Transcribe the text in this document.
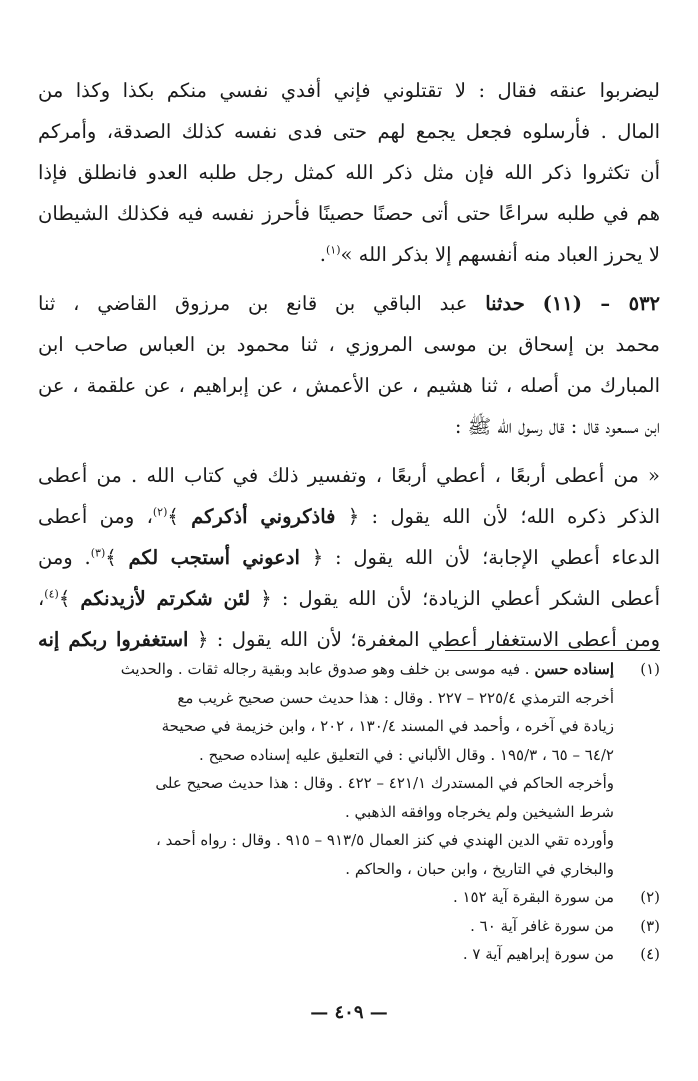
ليضربوا عنقه فقال : لا تقتلوني فإني أفدي نفسي منكم بكذا وكذا من
المال . فأرسلوه فجعل يجمع لهم حتى فدى نفسه كذلك الصدقة، وأمركم
أن تكثروا ذكر الله فإن مثل ذكر الله كمثل رجل طلبه العدو فانطلق فإذا
هم في طلبه سراعًا حتى أتى حصنًا حصينًا فأحرز نفسه فيه فكذلك الشيطان
لا يحرز العباد منه أنفسهم إلا بذكر الله »$^{(١)}$.

٥٣٢ – (١١) حدثنا عبد الباقي بن قانع بن مرزوق القاضي ، ثنا
محمد بن إسحاق بن موسى المروزي ، ثنا محمود بن العباس صاحب ابن
المبارك من أصله ، ثنا هشيم ، عن الأعمش ، عن إبراهيم ، عن علقمة ، عن
ابن مسعود قال : قال رسول الله ﷺ :

« من أعطى أربعًا ، أعطي أربعًا ، وتفسير ذلك في كتاب الله . من أعطى
الذكر ذكره الله؛ لأن الله يقول : ﴿ فاذكروني أذكركم ﴾$^{(٢)}$، ومن أعطى
الدعاء أعطي الإجابة؛ لأن الله يقول : ﴿ ادعوني أستجب لكم ﴾$^{(٣)}$. ومن
أعطى الشكر أعطي الزيادة؛ لأن الله يقول : ﴿ لئن شكرتم لأزيدنكم ﴾$^{(٤)}$،
ومن أعطى الاستغفار أعطي المغفرة؛ لأن الله يقول : ﴿ استغفروا ربكم إنه

(١)
إسناده حسن . فيه موسى بن خلف وهو صدوق عابد وبقية رجاله ثقات . والحديث
أخرجه الترمذي ٢٢٥/٤ – ٢٢٧ . وقال : هذا حديث حسن صحيح غريب مع
زيادة في آخره ، وأحمد في المسند ١٣٠/٤ ، ٢٠٢ ، وابن خزيمة في صحيحة
٦٤/٢ – ٦٥ ، ١٩٥/٣ . وقال الألباني : في التعليق عليه إسناده صحيح .
وأخرجه الحاكم في المستدرك ٤٢١/١ – ٤٢٢ . وقال : هذا حديث صحيح على
شرط الشيخين ولم يخرجاه ووافقه الذهبي .
وأورده تقي الدين الهندي في كنز العمال ٩١٣/٥ – ٩١٥ . وقال : رواه أحمد ،
والبخاري في التاريخ ، وابن حبان ، والحاكم .
(٢)
من سورة البقرة آية ١٥٢ .
(٣)
من سورة غافر آية ٦٠ .
(٤)
من سورة إبراهيم آية ٧ .
— ٤٠٩ —
